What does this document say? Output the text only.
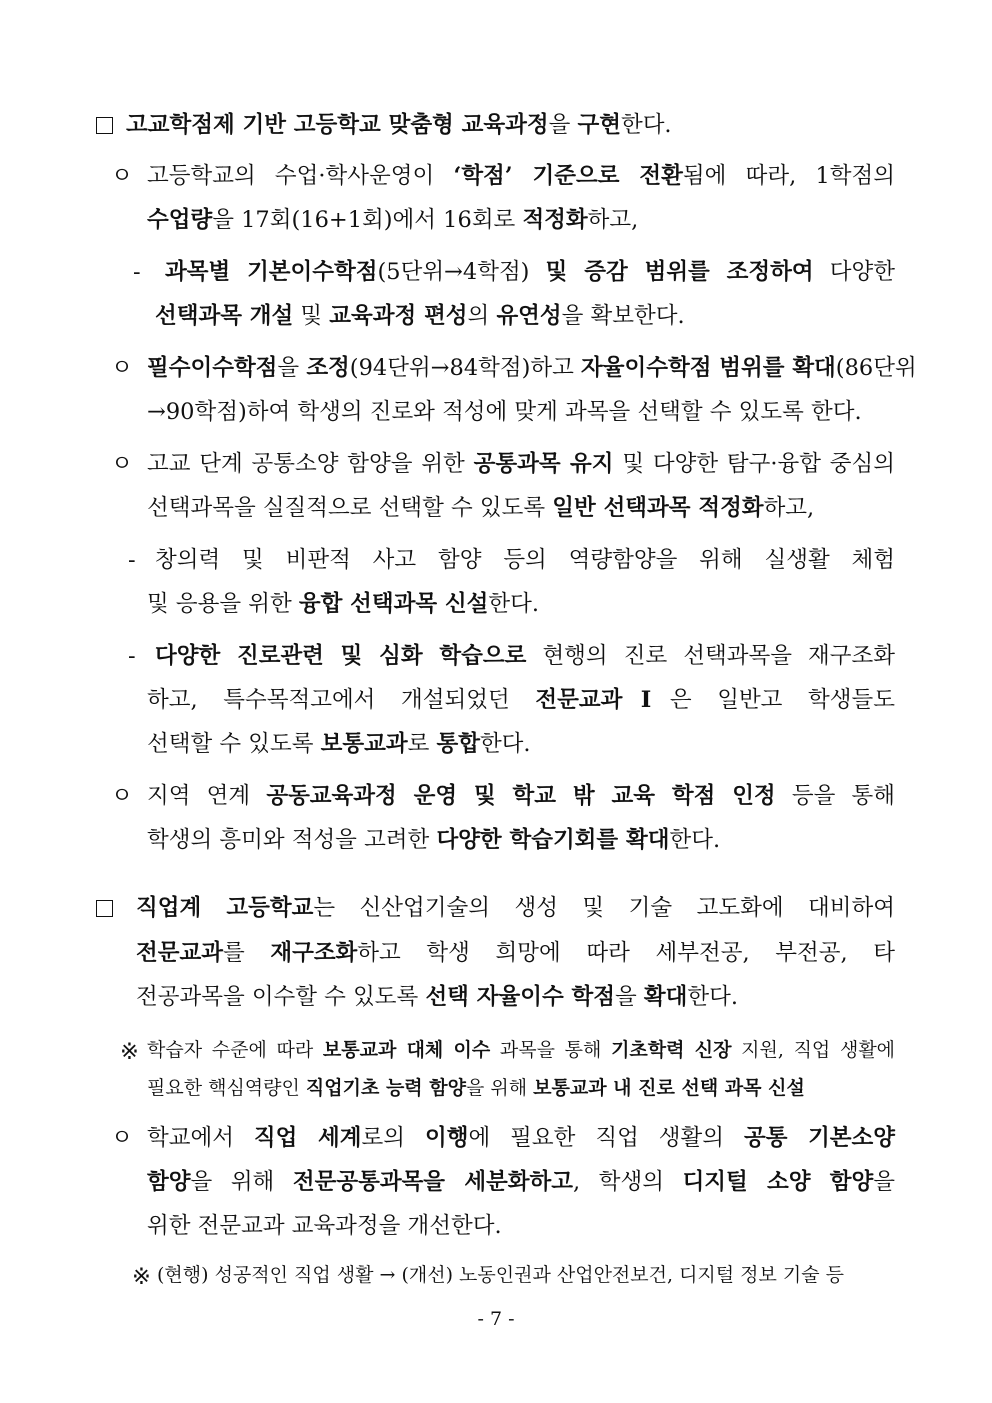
고교학점제 기반 고등학교 맞춤형 교육과정을 구현한다.
ㅇ 고등학교의 수업·학사운영이 ‘학점’ 기준으로 전환됨에 따라, 1학점의
수업량을 17회(16+1회)에서 16회로 적정화하고,
- 과목별 기본이수학점(5단위→4학점) 및 증감 범위를 조정하여 다양한
선택과목 개설 및 교육과정 편성의 유연성을 확보한다.
ㅇ 필수이수학점을 조정(94단위→84학점)하고 자율이수학점 범위를 확대(86단위
→90학점)하여 학생의 진로와 적성에 맞게 과목을 선택할 수 있도록 한다.
ㅇ 고교 단계 공통소양 함양을 위한 공통과목 유지 및 다양한 탐구·융합 중심의
선택과목을 실질적으로 선택할 수 있도록 일반 선택과목 적정화하고,
- 창의력 및 비판적 사고 함양 등의 역량함양을 위해 실생활 체험
및 응용을 위한 융합 선택과목 신설한다.
- 다양한 진로관련 및 심화 학습으로 현행의 진로 선택과목을 재구조화
하고, 특수목적고에서 개설되었던 전문교과Ⅰ은 일반고 학생들도
선택할 수 있도록 보통교과로 통합한다.
ㅇ 지역 연계 공동교육과정 운영 및 학교 밖 교육 학점 인정 등을 통해
학생의 흥미와 적성을 고려한 다양한 학습기회를 확대한다.
직업계 고등학교는 신산업기술의 생성 및 기술 고도화에 대비하여
전문교과를 재구조화하고 학생 희망에 따라 세부전공, 부전공, 타
전공과목을 이수할 수 있도록 선택 자율이수 학점을 확대한다.
※ 학습자 수준에 따라 보통교과 대체 이수 과목을 통해 기초학력 신장 지원, 직업 생활에
필요한 핵심역량인 직업기초 능력 함양을 위해 보통교과 내 진로 선택 과목 신설
ㅇ 학교에서 직업 세계로의 이행에 필요한 직업 생활의 공통 기본소양
함양을 위해 전문공통과목을 세분화하고, 학생의 디지털 소양 함양을
위한 전문교과 교육과정을 개선한다.
※ (현행) 성공적인 직업 생활 → (개선) 노동인권과 산업안전보건, 디지털 정보 기술 등
- 7 -
